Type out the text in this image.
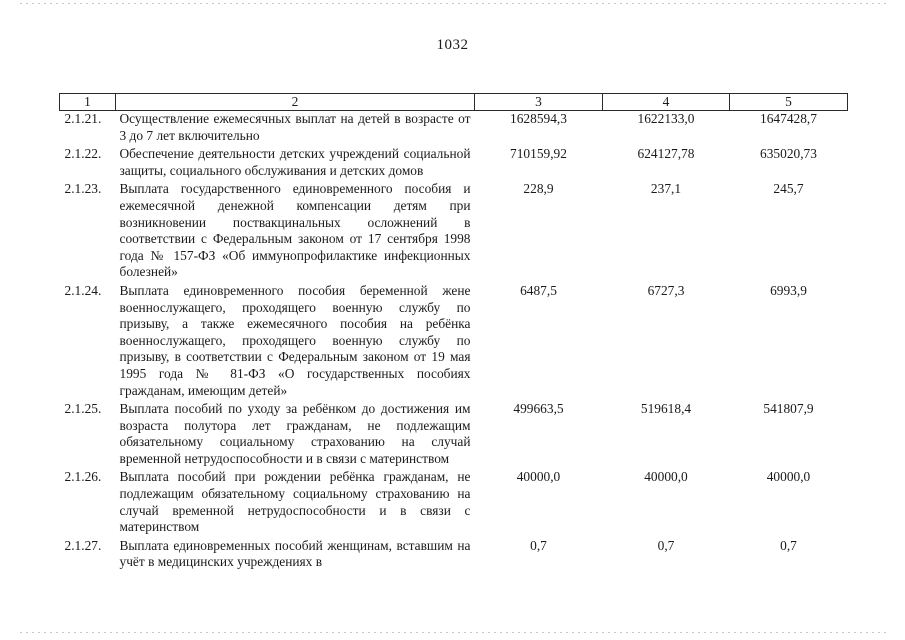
1032
1	2	3	4	5
2.1.21.	Осуществление ежемесячных выплат на детей в возрасте от 3 до 7 лет включительно	1628594,3	1622133,0	1647428,7
2.1.22.	Обеспечение деятельности детских учреждений социальной защиты, социального обслуживания и детских домов	710159,92	624127,78	635020,73
2.1.23.	Выплата государственного единовременного пособия и ежемесячной денежной компенсации детям при возникновении поствакцинальных осложнений в соответствии с Федеральным законом от 17 сентября 1998 года № 157-ФЗ «Об иммунопрофилактике инфекционных болезней»	228,9	237,1	245,7
2.1.24.	Выплата единовременного пособия беременной жене военнослужащего, проходящего военную службу по призыву, а также ежемесячного пособия на ребёнка военнослужащего, проходящего военную службу по призыву, в соответствии с Федеральным законом от 19 мая 1995 года № 81-ФЗ «О государственных пособиях гражданам, имеющим детей»	6487,5	6727,3	6993,9
2.1.25.	Выплата пособий по уходу за ребёнком до достижения им возраста полутора лет гражданам, не подлежащим обязательному социальному страхованию на случай временной нетрудоспособности и в связи с материнством	499663,5	519618,4	541807,9
2.1.26.	Выплата пособий при рождении ребёнка гражданам, не подлежащим обязательному социальному страхованию на случай временной нетрудоспособности и в связи с материнством	40000,0	40000,0	40000,0
2.1.27.	Выплата единовременных пособий женщинам, вставшим на учёт в медицинских учреждениях в	0,7	0,7	0,7
